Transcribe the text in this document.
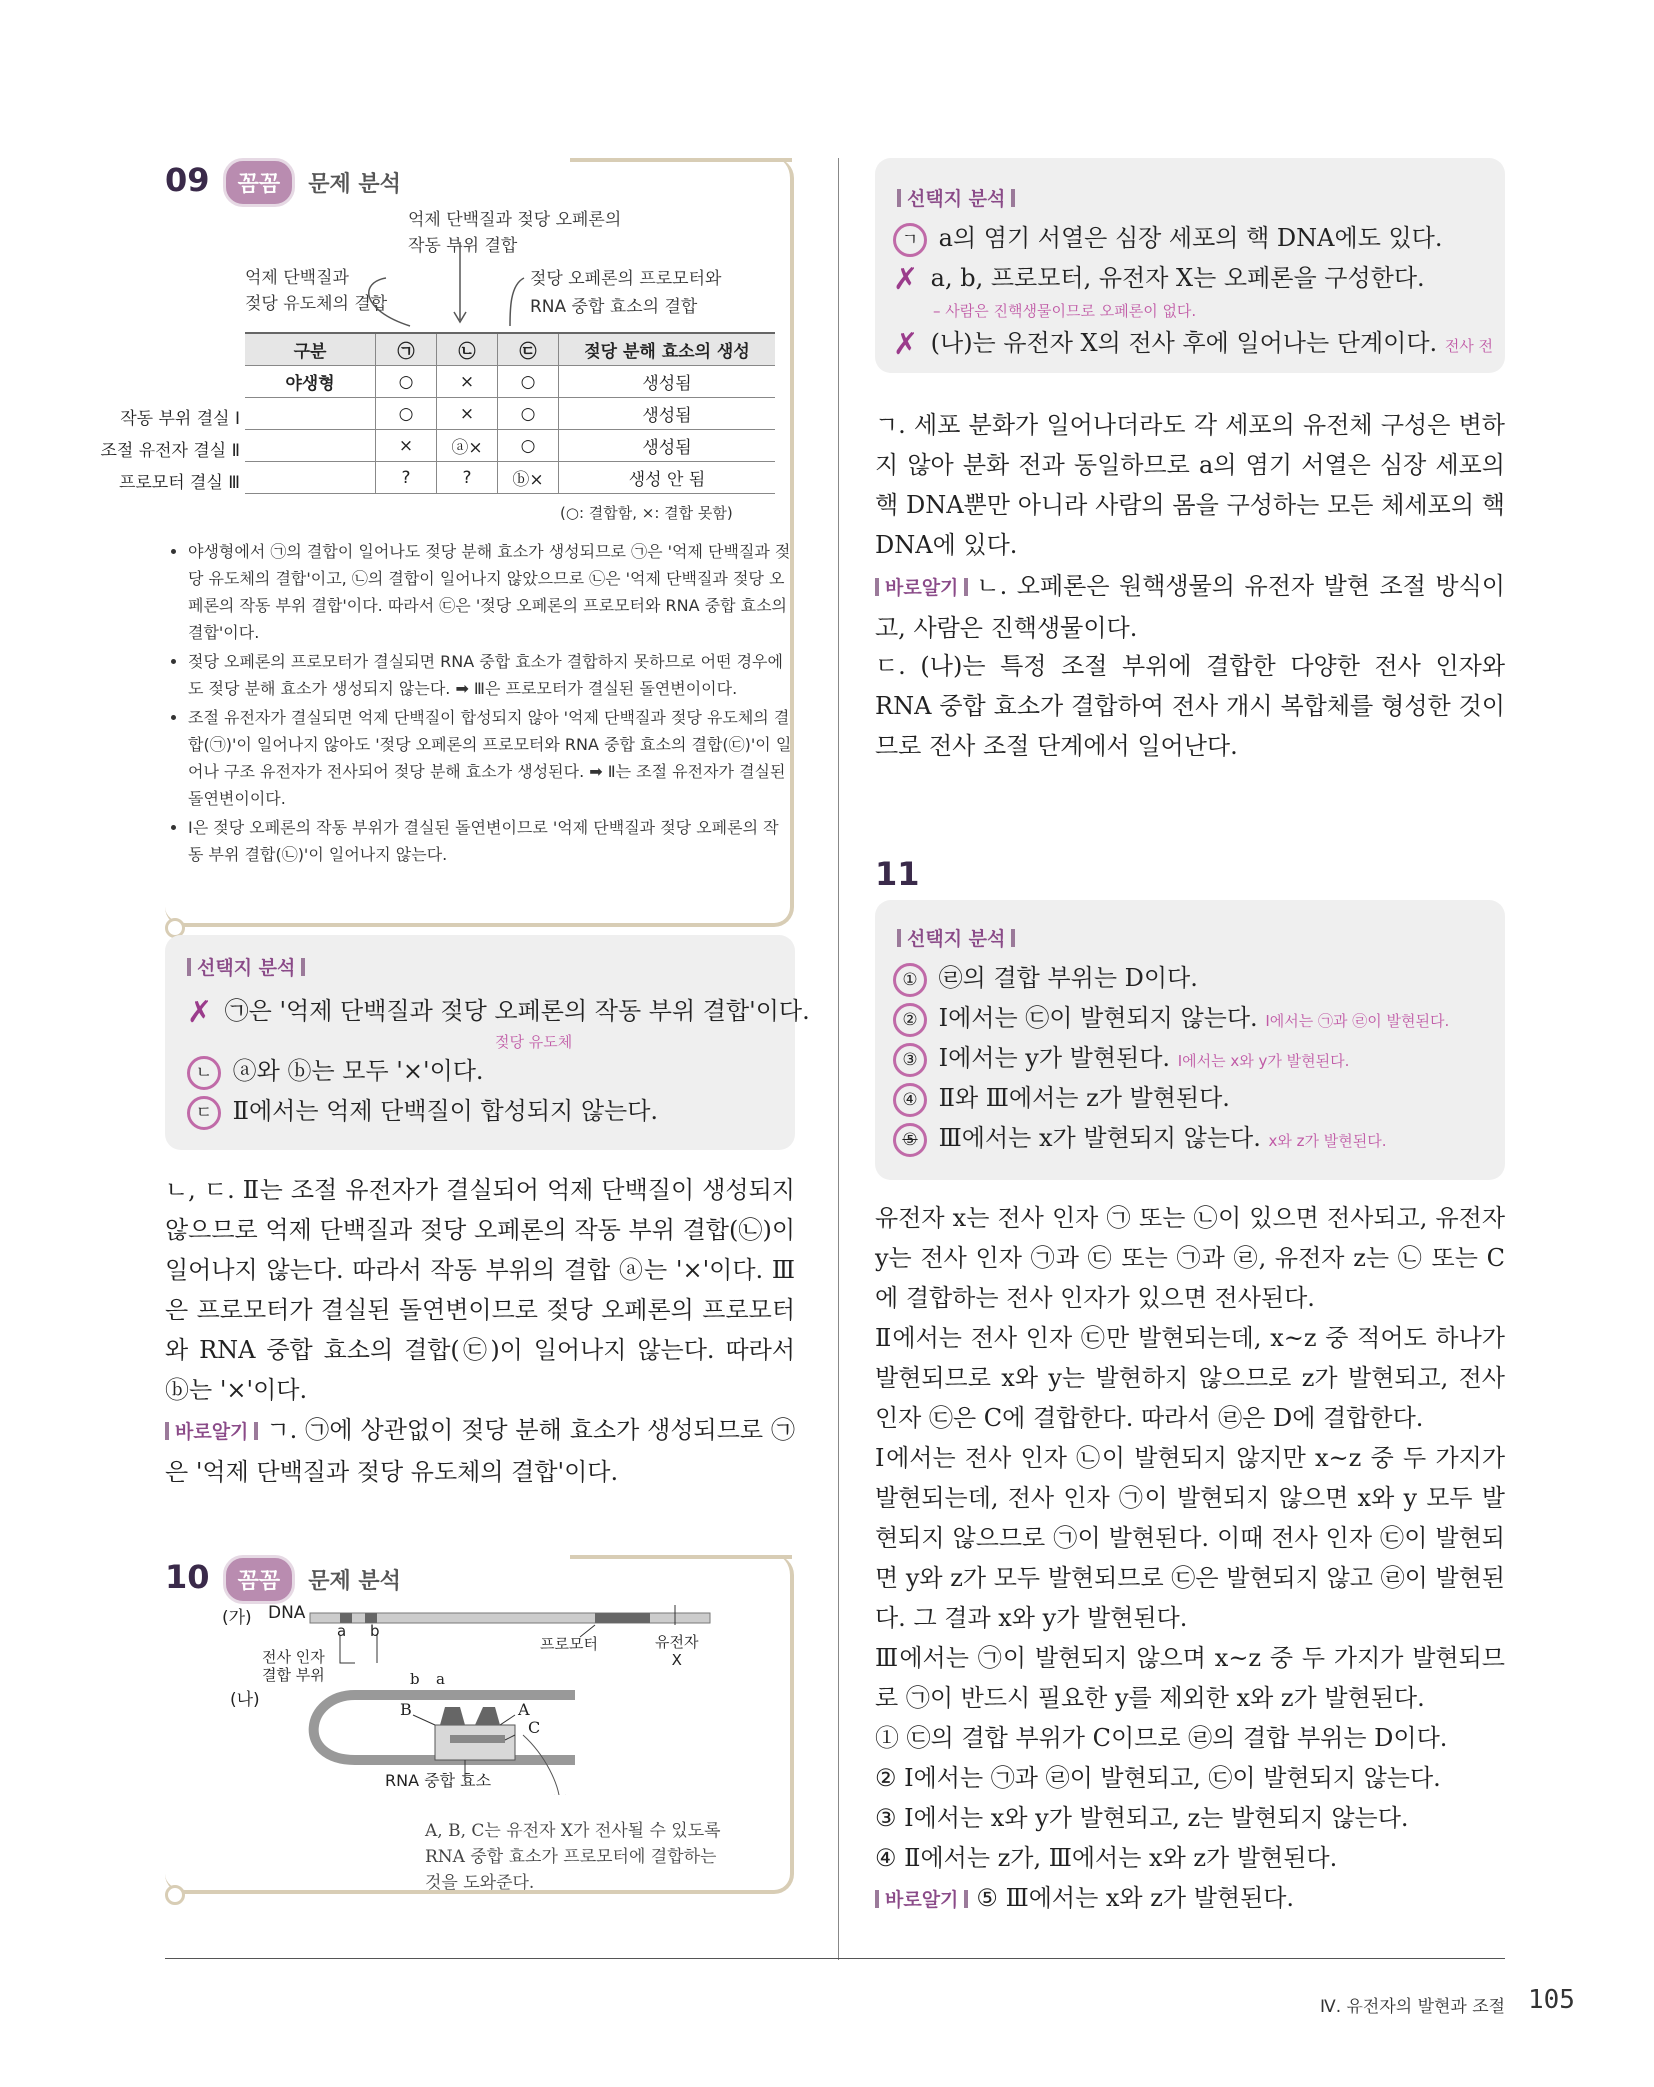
09 꼼꼼 문제 분석
억제 단백질과 젖당 오페론의
작동 부위 결합
억제 단백질과
젖당 유도체의 결합
젖당 오페론의 프로모터와
RNA 중합 효소의 결합
구분	㉠	㉡	㉢	젖당 분해 효소의 생성
야생형	○	×	○	생성됨

작동 부위 결실 Ⅰ	○	×	○	생성됨

조절 유전자 결실 Ⅱ	×	ⓐ×	○	생성됨

프로모터 결실 Ⅲ	?	?	ⓑ×	생성 안 됨
(○: 결합함, ×: 결합 못함)
• 야생형에서 ㉠의 결합이 일어나도 젖당 분해 효소가 생성되므로 ㉠은 '억제 단백질과 젖당 유도체의 결합'이고, ㉡의 결합이 일어나지 않았으므로 ㉡은 '억제 단백질과 젖당 오페론의 작동 부위 결합'이다. 따라서 ㉢은 '젖당 오페론의 프로모터와 RNA 중합 효소의 결합'이다.
• 젖당 오페론의 프로모터가 결실되면 RNA 중합 효소가 결합하지 못하므로 어떤 경우에도 젖당 분해 효소가 생성되지 않는다. ➡ Ⅲ은 프로모터가 결실된 돌연변이이다.
• 조절 유전자가 결실되면 억제 단백질이 합성되지 않아 '억제 단백질과 젖당 유도체의 결합(㉠)'이 일어나지 않아도 '젖당 오페론의 프로모터와 RNA 중합 효소의 결합(㉢)'이 일어나 구조 유전자가 전사되어 젖당 분해 효소가 생성된다. ➡ Ⅱ는 조절 유전자가 결실된 돌연변이이다.
• Ⅰ은 젖당 오페론의 작동 부위가 결실된 돌연변이므로 '억제 단백질과 젖당 오페론의 작동 부위 결합(㉡)'이 일어나지 않는다.
선택지 분석
✗ ㉠은 '억제 단백질과 젖당 오페론의 작동 부위 결합'이다.
젖당 유도체
ㄴ ⓐ와 ⓑ는 모두 '×'이다.
ㄷ Ⅱ에서는 억제 단백질이 합성되지 않는다.
ㄴ, ㄷ. Ⅱ는 조절 유전자가 결실되어 억제 단백질이 생성되지 않으므로 억제 단백질과 젖당 오페론의 작동 부위 결합(㉡)이 일어나지 않는다. 따라서 작동 부위의 결합 ⓐ는 '×'이다. Ⅲ은 프로모터가 결실된 돌연변이므로 젖당 오페론의 프로모터와 RNA 중합 효소의 결합(㉢)이 일어나지 않는다. 따라서 ⓑ는 '×'이다.
바로알기 ㄱ. ㉠에 상관없이 젖당 분해 효소가 생성되므로 ㉠은 '억제 단백질과 젖당 유도체의 결합'이다.
10 꼼꼼 문제 분석
(가) DNA
a b
전사 인자
결합 부위
프로모터	유전자
X
(나)
b a
B	A
C
RNA 중합 효소
A, B, C는 유전자 X가 전사될 수 있도록
RNA 중합 효소가 프로모터에 결합하는
것을 도와준다.
선택지 분석
ㄱ a의 염기 서열은 심장 세포의 핵 DNA에도 있다.
✗ a, b, 프로모터, 유전자 X는 오페론을 구성한다.
– 사람은 진핵생물이므로 오페론이 없다.
✗ (나)는 유전자 X의 전사 후에 일어나는 단계이다. 전사 전
ㄱ. 세포 분화가 일어나더라도 각 세포의 유전체 구성은 변하지 않아 분화 전과 동일하므로 a의 염기 서열은 심장 세포의 핵 DNA뿐만 아니라 사람의 몸을 구성하는 모든 체세포의 핵 DNA에 있다.
바로알기 ㄴ. 오페론은 원핵생물의 유전자 발현 조절 방식이고, 사람은 진핵생물이다.
ㄷ. (나)는 특정 조절 부위에 결합한 다양한 전사 인자와 RNA 중합 효소가 결합하여 전사 개시 복합체를 형성한 것이므로 전사 조절 단계에서 일어난다.
11
선택지 분석
① ㉣의 결합 부위는 D이다.
② Ⅰ에서는 ㉢이 발현되지 않는다. Ⅰ에서는 ㉠과 ㉣이 발현된다.
③ Ⅰ에서는 y가 발현된다. Ⅰ에서는 x와 y가 발현된다.
④ Ⅱ와 Ⅲ에서는 z가 발현된다.
⑤ Ⅲ에서는 x가 발현되지 않는다. x와 z가 발현된다.
유전자 x는 전사 인자 ㉠ 또는 ㉡이 있으면 전사되고, 유전자 y는 전사 인자 ㉠과 ㉢ 또는 ㉠과 ㉣, 유전자 z는 ㉡ 또는 C에 결합하는 전사 인자가 있으면 전사된다.
Ⅱ에서는 전사 인자 ㉢만 발현되는데, x~z 중 적어도 하나가 발현되므로 x와 y는 발현하지 않으므로 z가 발현되고, 전사 인자 ㉢은 C에 결합한다. 따라서 ㉣은 D에 결합한다.
Ⅰ에서는 전사 인자 ㉡이 발현되지 않지만 x~z 중 두 가지가 발현되는데, 전사 인자 ㉠이 발현되지 않으면 x와 y 모두 발현되지 않으므로 ㉠이 발현된다. 이때 전사 인자 ㉢이 발현되면 y와 z가 모두 발현되므로 ㉢은 발현되지 않고 ㉣이 발현된다. 그 결과 x와 y가 발현된다.
Ⅲ에서는 ㉠이 발현되지 않으며 x~z 중 두 가지가 발현되므로 ㉠이 반드시 필요한 y를 제외한 x와 z가 발현된다.
① ㉢의 결합 부위가 C이므로 ㉣의 결합 부위는 D이다.
② Ⅰ에서는 ㉠과 ㉣이 발현되고, ㉢이 발현되지 않는다.
③ Ⅰ에서는 x와 y가 발현되고, z는 발현되지 않는다.
④ Ⅱ에서는 z가, Ⅲ에서는 x와 z가 발현된다.
바로알기 ⑤ Ⅲ에서는 x와 z가 발현된다.
Ⅳ. 유전자의 발현과 조절 105
